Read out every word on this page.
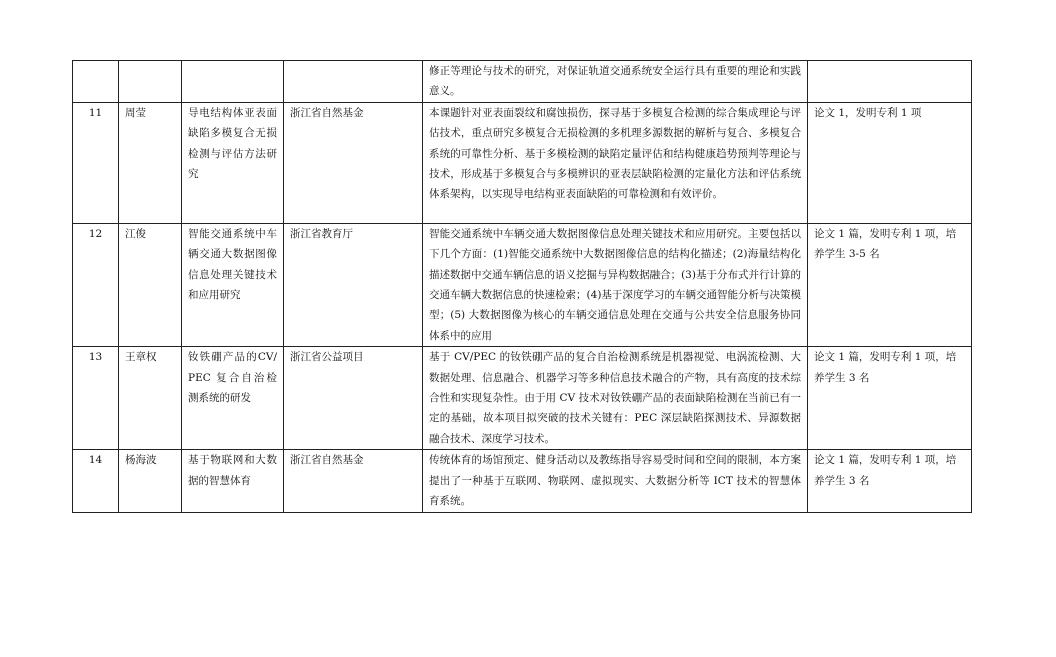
				修正等理论与技术的研究，对保证轨道交通系统安全运行具有重要的理论和实践意义。	
11	周莹	导电结构体亚表面缺陷多模复合无损检测与评估方法研究	浙江省自然基金	本课题针对亚表面裂纹和腐蚀损伤，探寻基于多模复合检测的综合集成理论与评估技术，重点研究多模复合无损检测的多机理多源数据的解析与复合、多模复合系统的可靠性分析、基于多模检测的缺陷定量评估和结构健康趋势预判等理论与技术，形成基于多模复合与多模辨识的亚表层缺陷检测的定量化方法和评估系统体系架构，以实现导电结构亚表面缺陷的可靠检测和有效评价。	论文 1，发明专利 1 项
12	江俊	智能交通系统中车辆交通大数据图像信息处理关键技术和应用研究	浙江省教育厅	智能交通系统中车辆交通大数据图像信息处理关键技术和应用研究。主要包括以下几个方面：(1)智能交通系统中大数据图像信息的结构化描述；(2)海量结构化描述数据中交通车辆信息的语义挖掘与异构数据融合；(3)基于分布式并行计算的交通车辆大数据信息的快速检索；(4)基于深度学习的车辆交通智能分析与决策模型；(5) 大数据图像为核心的车辆交通信息处理在交通与公共安全信息服务协同体系中的应用	论文 1 篇，发明专利 1 项，培养学生 3-5 名
13	王章权	钕铁硼产品的CV/PEC 复合自治检测系统的研发	浙江省公益项目	基于 CV/PEC 的钕铁硼产品的复合自治检测系统是机器视觉、电涡流检测、大数据处理、信息融合、机器学习等多种信息技术融合的产物，具有高度的技术综合性和实现复杂性。由于用 CV 技术对钕铁硼产品的表面缺陷检测在当前已有一定的基础，故本项目拟突破的技术关键有：PEC 深层缺陷探测技术、异源数据融合技术、深度学习技术。	论文 1 篇，发明专利 1 项，培养学生 3 名
14	杨海波	基于物联网和大数据的智慧体育	浙江省自然基金	传统体育的场馆预定、健身活动以及教练指导容易受时间和空间的限制，本方案提出了一种基于互联网、物联网、虚拟现实、大数据分析等 ICT 技术的智慧体育系统。	论文 1 篇，发明专利 1 项，培养学生 3 名
